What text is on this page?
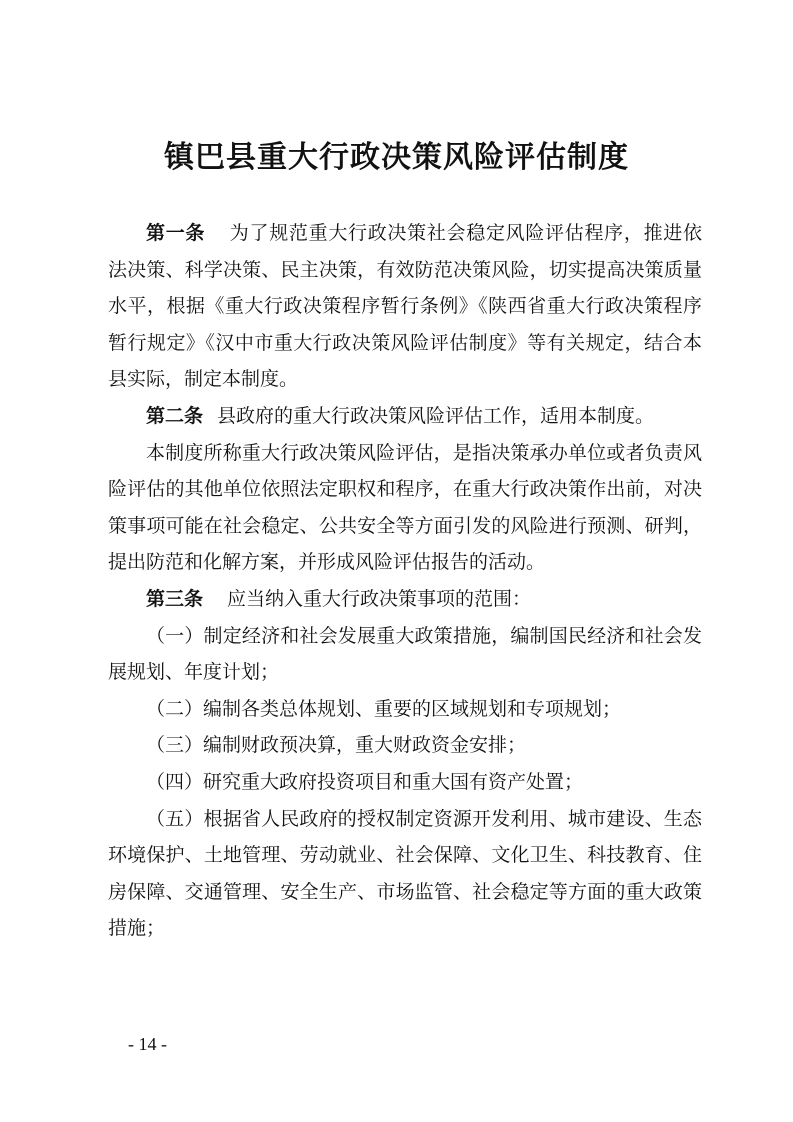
镇巴县重大行政决策风险评估制度

第一条 为了规范重大行政决策社会稳定风险评估程序，推进依法决策、科学决策、民主决策，有效防范决策风险，切实提高决策质量水平，根据《重大行政决策程序暂行条例》《陕西省重大行政决策程序暂行规定》《汉中市重大行政决策风险评估制度》等有关规定，结合本县实际，制定本制度。

第二条 县政府的重大行政决策风险评估工作，适用本制度。

本制度所称重大行政决策风险评估，是指决策承办单位或者负责风险评估的其他单位依照法定职权和程序，在重大行政决策作出前，对决策事项可能在社会稳定、公共安全等方面引发的风险进行预测、研判，提出防范和化解方案，并形成风险评估报告的活动。

第三条 应当纳入重大行政决策事项的范围：

（一）制定经济和社会发展重大政策措施，编制国民经济和社会发展规划、年度计划；

（二）编制各类总体规划、重要的区域规划和专项规划；

（三）编制财政预决算，重大财政资金安排；

（四）研究重大政府投资项目和重大国有资产处置；

（五）根据省人民政府的授权制定资源开发利用、城市建设、生态环境保护、土地管理、劳动就业、社会保障、文化卫生、科技教育、住房保障、交通管理、安全生产、市场监管、社会稳定等方面的重大政策措施；

- 14 -
